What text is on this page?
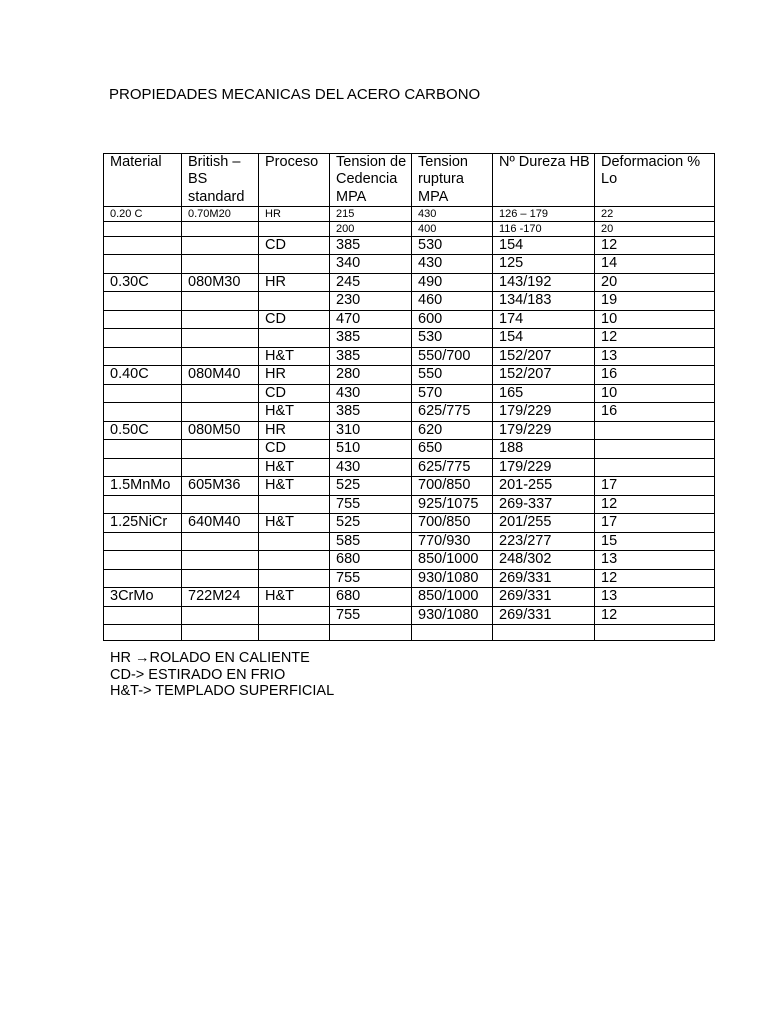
PROPIEDADES MECANICAS DEL ACERO CARBONO
Material	British – BS standard	Proceso	Tension de Cedencia MPA	Tension ruptura MPA	Nº Dureza HB	Deformacion % Lo
0.20 C	0.70M20	HR	215	430	126 – 179	22
			200	400	116 -170	20
		CD	385	530	154	12
			340	430	125	14
0.30C	080M30	HR	245	490	143/192	20
			230	460	134/183	19
		CD	470	600	174	10
			385	530	154	12
		H&T	385	550/700	152/207	13
0.40C	080M40	HR	280	550	152/207	16
		CD	430	570	165	10
		H&T	385	625/775	179/229	16
0.50C	080M50	HR	310	620	179/229	
		CD	510	650	188	
		H&T	430	625/775	179/229	
1.5MnMo	605M36	H&T	525	700/850	201-255	17
			755	925/1075	269-337	12
1.25NiCr	640M40	H&T	525	700/850	201/255	17
			585	770/930	223/277	15
			680	850/1000	248/302	13
			755	930/1080	269/331	12
3CrMo	722M24	H&T	680	850/1000	269/331	13
			755	930/1080	269/331	12

HR →ROLADO EN CALIENTE
CD-> ESTIRADO EN FRIO
H&T-> TEMPLADO SUPERFICIAL
